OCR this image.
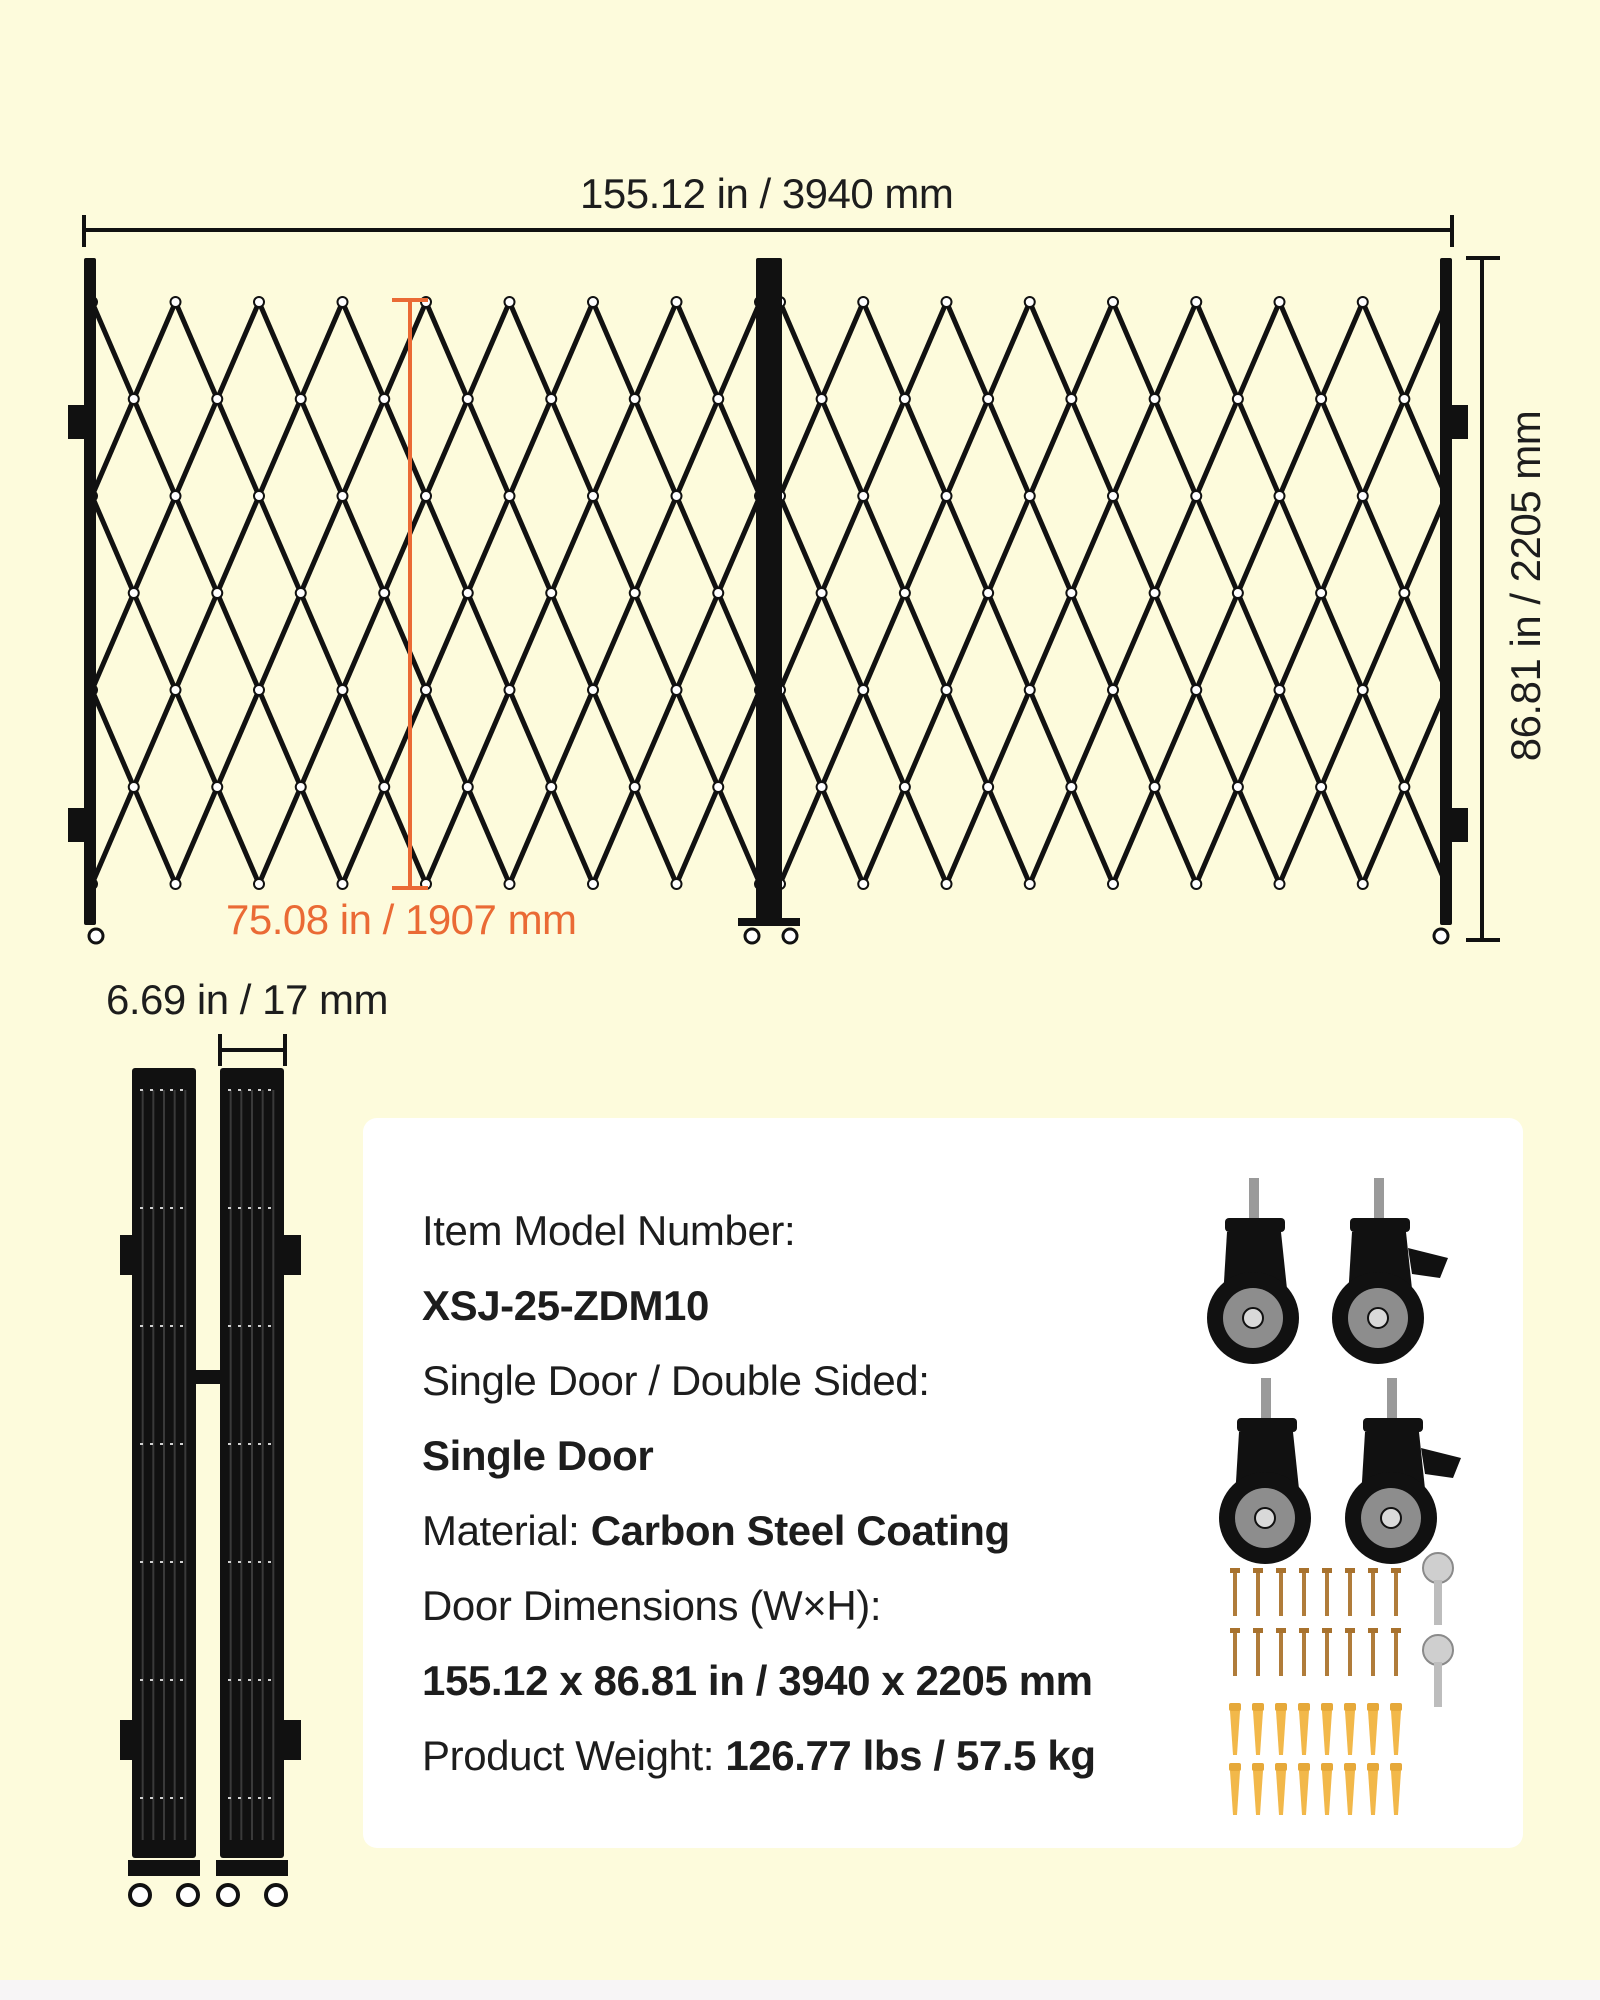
155.12 in / 3940 mm
86.81 in / 2205 mm
75.08 in / 1907 mm
6.69 in / 17 mm
Item Model Number:
XSJ-25-ZDM10
Single Door / Double Sided:
Single Door
Material: Carbon Steel Coating
Door Dimensions (W×H):
155.12 x 86.81 in / 3940 x 2205 mm
Product Weight: 126.77 lbs / 57.5 kg
